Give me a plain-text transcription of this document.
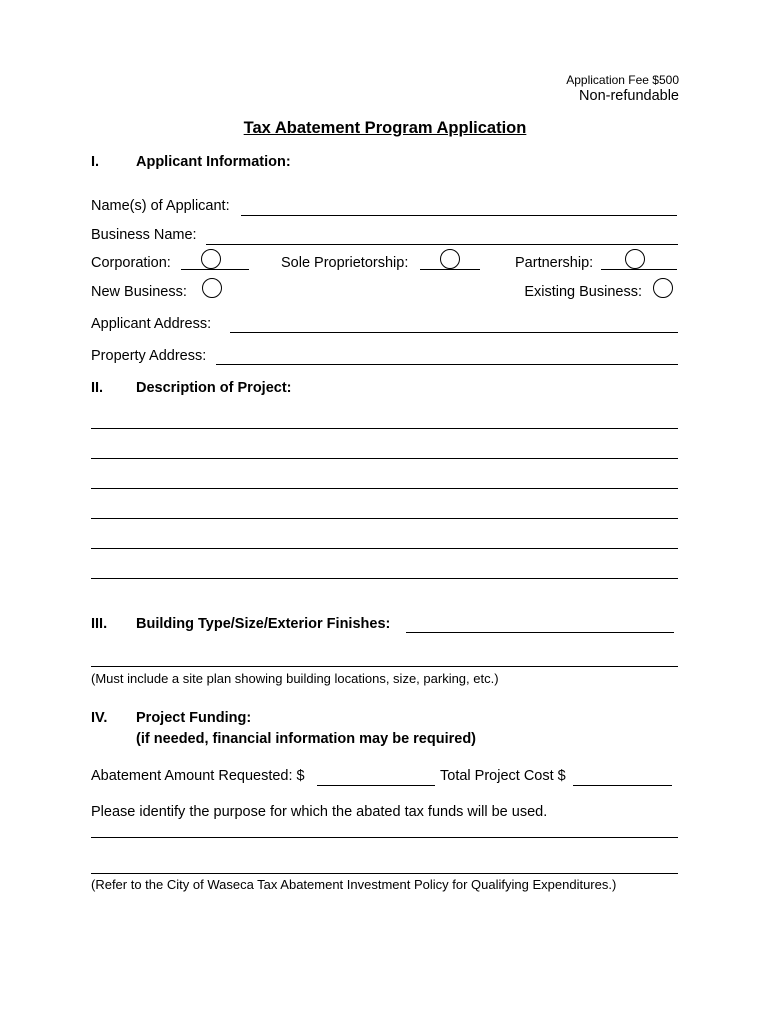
Application Fee $500
Non-refundable
Tax Abatement Program Application
I.	Applicant Information:
Name(s) of Applicant:
Business Name:
Corporation:	Sole Proprietorship:	Partnership:
New Business:	Existing Business:
Applicant Address:
Property Address:
II. Description of Project:
III. Building Type/Size/Exterior Finishes:
(Must include a site plan showing building locations, size, parking, etc.)
IV. Project Funding:
(if needed, financial information may be required)
Abatement Amount Requested: $	Total Project Cost $
Please identify the purpose for which the abated tax funds will be used.
(Refer to the City of Waseca Tax Abatement Investment Policy for Qualifying Expenditures.)
